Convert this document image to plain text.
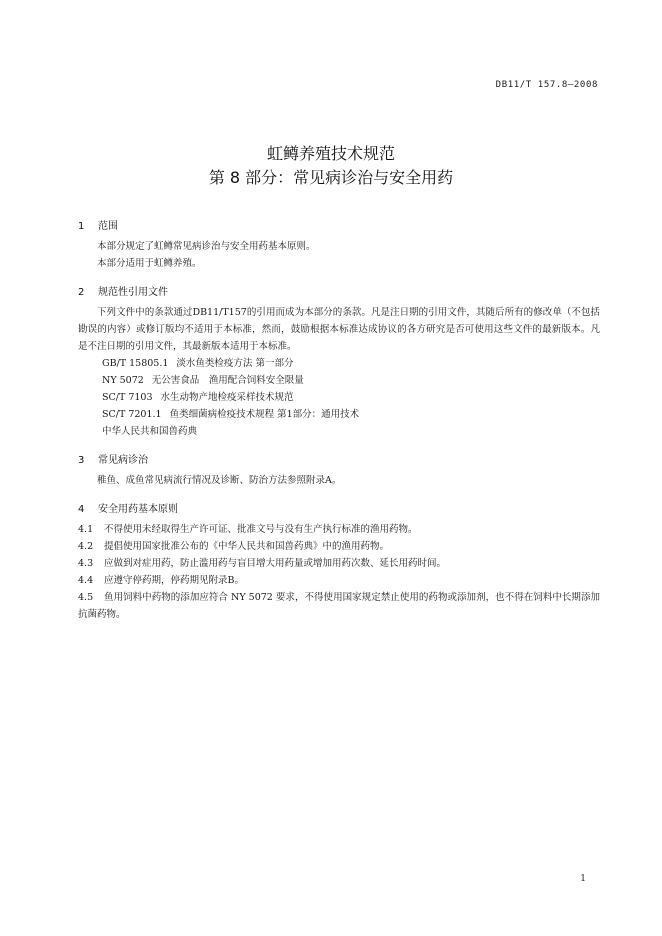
DB11/T 157.8—2008
虹鳟养殖技术规范
第 8 部分：常见病诊治与安全用药
1 范围
本部分规定了虹鳟常见病诊治与安全用药基本原则。
本部分适用于虹鳟养殖。
2 规范性引用文件
下列文件中的条款通过DB11/T157的引用而成为本部分的条款。凡是注日期的引用文件，其随后所有的修改单（不包括勘误的内容）或修订版均不适用于本标准，然而，鼓励根据本标准达成协议的各方研究是否可使用这些文件的最新版本。凡是不注日期的引用文件，其最新版本适用于本标准。
GB/T 15805.1 淡水鱼类检疫方法 第一部分
NY 5072 无公害食品　渔用配合饲料安全限量
SC/T 7103 水生动物产地检疫采样技术规范
SC/T 7201.1 鱼类细菌病检疫技术规程 第1部分：通用技术
中华人民共和国兽药典
3 常见病诊治
稚鱼、成鱼常见病流行情况及诊断、防治方法参照附录A。
4 安全用药基本原则
4.1 不得使用未经取得生产许可证、批准文号与没有生产执行标准的渔用药物。
4.2 提倡使用国家批准公布的《中华人民共和国兽药典》中的渔用药物。
4.3 应做到对症用药，防止滥用药与盲目增大用药量或增加用药次数、延长用药时间。
4.4 应遵守停药期，停药期见附录B。
4.5 鱼用饲料中药物的添加应符合 NY 5072 要求，不得使用国家规定禁止使用的药物或添加剂，也不得在饲料中长期添加抗菌药物。
1
